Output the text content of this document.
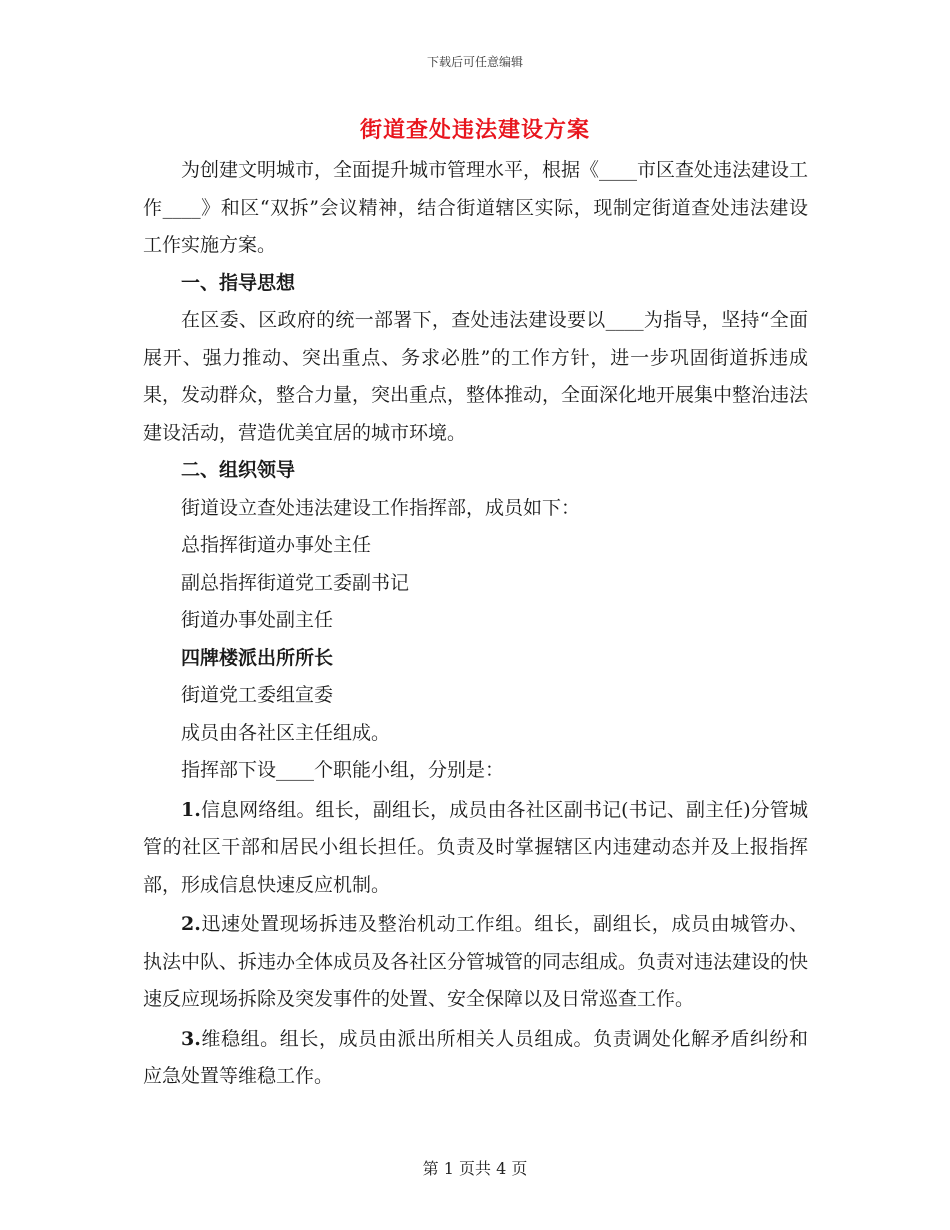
下载后可任意编辑
街道查处违法建设方案

为创建文明城市，全面提升城市管理水平，根据《____市区查处违法建设工作____》和区“双拆”会议精神，结合街道辖区实际，现制定街道查处违法建设工作实施方案。

一、指导思想

在区委、区政府的统一部署下，查处违法建设要以____为指导，坚持“全面展开、强力推动、突出重点、务求必胜”的工作方针，进一步巩固街道拆违成果，发动群众，整合力量，突出重点，整体推动，全面深化地开展集中整治违法建设活动，营造优美宜居的城市环境。

二、组织领导

街道设立查处违法建设工作指挥部，成员如下：

总指挥街道办事处主任

副总指挥街道党工委副书记

街道办事处副主任

四牌楼派出所所长

街道党工委组宣委

成员由各社区主任组成。

指挥部下设____个职能小组，分别是：

1.信息网络组。组长，副组长，成员由各社区副书记(书记、副主任)分管城管的社区干部和居民小组长担任。负责及时掌握辖区内违建动态并及上报指挥部，形成信息快速反应机制。

2.迅速处置现场拆违及整治机动工作组。组长，副组长，成员由城管办、执法中队、拆违办全体成员及各社区分管城管的同志组成。负责对违法建设的快速反应现场拆除及突发事件的处置、安全保障以及日常巡查工作。

3.维稳组。组长，成员由派出所相关人员组成。负责调处化解矛盾纠纷和应急处置等维稳工作。

第 1 页共 4 页
